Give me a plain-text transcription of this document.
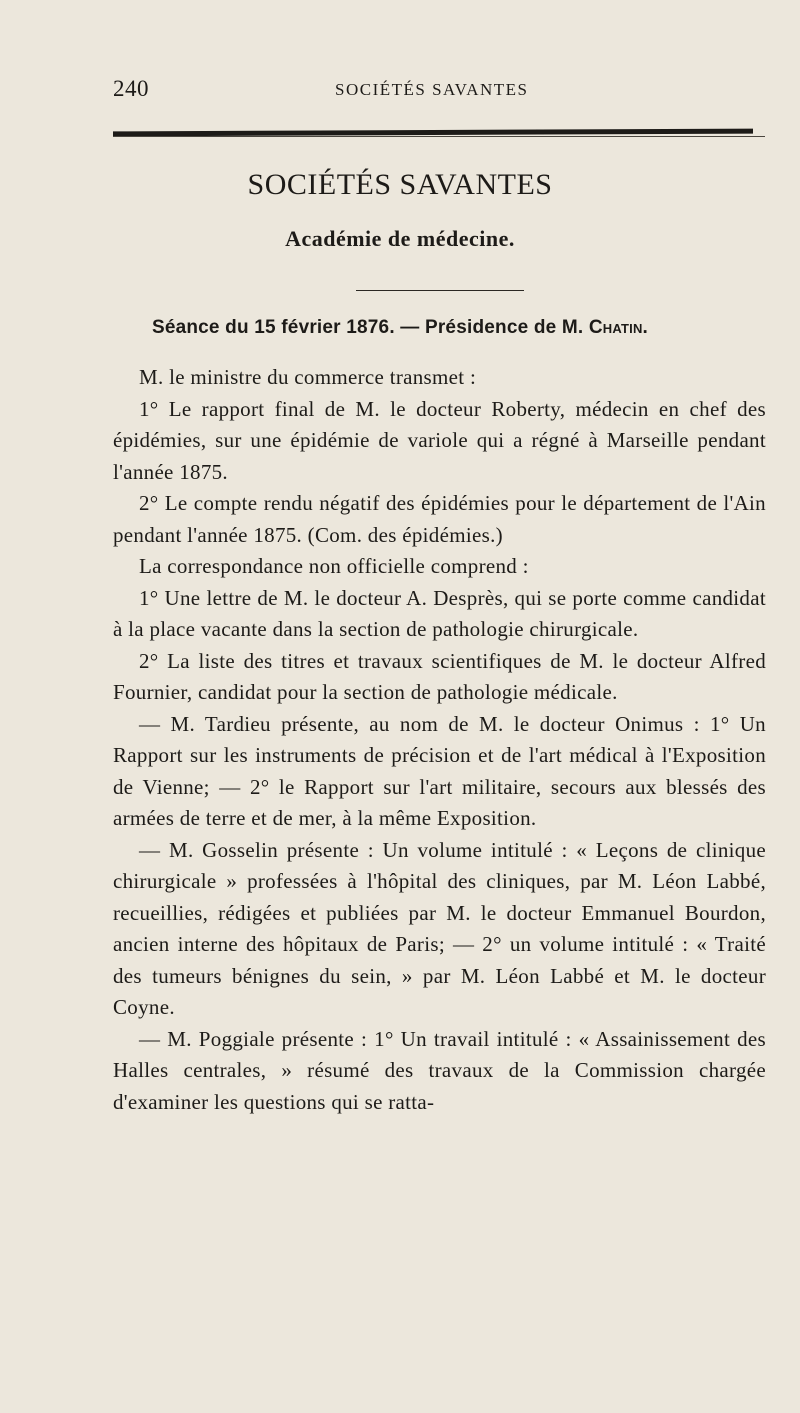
240	SOCIÉTÉS SAVANTES
SOCIÉTÉS SAVANTES
Académie de médecine.
Séance du 15 février 1876. — Présidence de M. Chatin.

M. le ministre du commerce transmet :

1° Le rapport final de M. le docteur Roberty, médecin en chef des épidémies, sur une épidémie de variole qui a régné à Marseille pendant l'année 1875.

2° Le compte rendu négatif des épidémies pour le département de l'Ain pendant l'année 1875. (Com. des épidémies.)

La correspondance non officielle comprend :

1° Une lettre de M. le docteur A. Desprès, qui se porte comme candidat à la place vacante dans la section de pathologie chirurgicale.

2° La liste des titres et travaux scientifiques de M. le docteur Alfred Fournier, candidat pour la section de pathologie médicale.

— M. Tardieu présente, au nom de M. le docteur Onimus : 1° Un Rapport sur les instruments de précision et de l'art médical à l'Exposition de Vienne; — 2° le Rapport sur l'art militaire, secours aux blessés des armées de terre et de mer, à la même Exposition.

— M. Gosselin présente : Un volume intitulé : « Leçons de clinique chirurgicale » professées à l'hôpital des cliniques, par M. Léon Labbé, recueillies, rédigées et publiées par M. le docteur Emmanuel Bourdon, ancien interne des hôpitaux de Paris; — 2° un volume intitulé : « Traité des tumeurs bénignes du sein, » par M. Léon Labbé et M. le docteur Coyne.

— M. Poggiale présente : 1° Un travail intitulé : « Assainissement des Halles centrales, » résumé des travaux de la Commission chargée d'examiner les questions qui se ratta-
